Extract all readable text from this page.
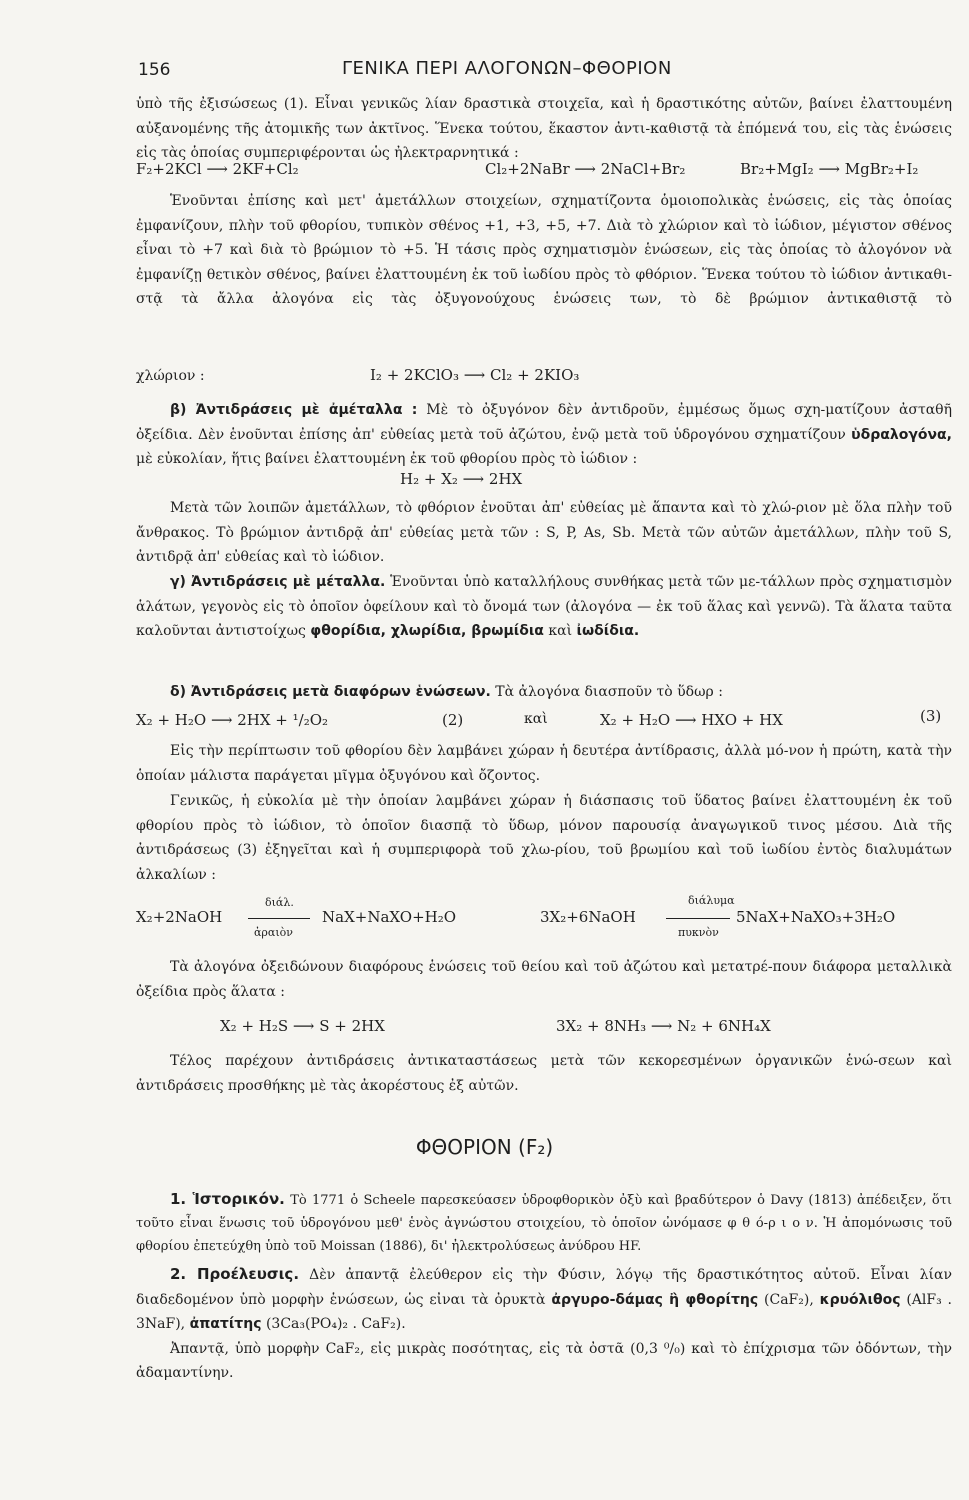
156	ΓΕΝΙΚΑ ΠΕΡΙ ΑΛΟΓΟΝΩΝ–ΦΘΟΡΙΟΝ

ὑπὸ τῆς ἐξισώσεως (1). Εἶναι γενικῶς λίαν δραστικὰ στοιχεῖα, καὶ ἡ δραστικότης αὐτῶν, βαίνει ἐλαττουμένη αὐξανομένης τῆς ἀτομικῆς των ἀκτῖνος. Ἕνεκα τούτου, ἕκαστον ἀντι-καθιστᾷ τὰ ἑπόμενά του, εἰς τὰς ἑνώσεις εἰς τὰς ὁποίας συμπεριφέρονται ὡς ἠλεκτραρνητικά :

F₂+2KCl ⟶ 2KF+Cl₂	Cl₂+2NaBr ⟶ 2NaCl+Br₂	Br₂+MgI₂ ⟶ MgBr₂+I₂

Ἑνοῦνται ἐπίσης καὶ μετ' ἀμετάλλων στοιχείων, σχηματίζοντα ὁμοιοπολικὰς ἑνώσεις, εἰς τὰς ὁποίας ἐμφανίζουν, πλὴν τοῦ φθορίου, τυπικὸν σθένος +1, +3, +5, +7. Διὰ τὸ χλώριον καὶ τὸ ἰώδιον, μέγιστον σθένος εἶναι τὸ +7 καὶ διὰ τὸ βρώμιον τὸ +5. Ἡ τάσις πρὸς σχηματισμὸν ἑνώσεων, εἰς τὰς ὁποίας τὸ ἀλογόνον νὰ ἐμφανίζῃ θετικὸν σθένος, βαίνει ἐλαττουμένη ἐκ τοῦ ἰωδίου πρὸς τὸ φθόριον. Ἕνεκα τούτου τὸ ἰώδιον ἀντικαθι-στᾷ τὰ ἄλλα ἀλογόνα εἰς τὰς ὀξυγονούχους ἑνώσεις των, τὸ δὲ βρώμιον ἀντικαθιστᾷ τὸ

χλώριον :	I₂ + 2KClO₃ ⟶ Cl₂ + 2KIO₃

β) Ἀντιδράσεις μὲ ἀμέταλλα : Μὲ τὸ ὀξυγόνον δὲν ἀντιδροῦν, ἐμμέσως ὅμως σχη-ματίζουν ἀσταθῆ ὀξείδια. Δὲν ἑνοῦνται ἐπίσης ἀπ' εὐθείας μετὰ τοῦ ἀζώτου, ἐνῷ μετὰ τοῦ ὑδρογόνου σχηματίζουν ὑδραλογόνα, μὲ εὐκολίαν, ἥτις βαίνει ἐλαττουμένη ἐκ τοῦ φθορίου πρὸς τὸ ἰώδιον :

H₂ + X₂ ⟶ 2HX

Μετὰ τῶν λοιπῶν ἀμετάλλων, τὸ φθόριον ἑνοῦται ἀπ' εὐθείας μὲ ἅπαντα καὶ τὸ χλώ-ριον μὲ ὅλα πλὴν τοῦ ἄνθρακος. Τὸ βρώμιον ἀντιδρᾷ ἀπ' εὐθείας μετὰ τῶν : S, P, As, Sb. Μετὰ τῶν αὐτῶν ἀμετάλλων, πλὴν τοῦ S, ἀντιδρᾷ ἀπ' εὐθείας καὶ τὸ ἰώδιον.

γ) Ἀντιδράσεις μὲ μέταλλα. Ἑνοῦνται ὑπὸ καταλλήλους συνθήκας μετὰ τῶν με-τάλλων πρὸς σχηματισμὸν ἁλάτων, γεγονὸς εἰς τὸ ὁποῖον ὀφείλουν καὶ τὸ ὄνομά των (ἀλογόνα — ἐκ τοῦ ἅλας καὶ γεννῶ). Τὰ ἅλατα ταῦτα καλοῦνται ἀντιστοίχως φθορίδια, χλωρίδια, βρωμίδια καὶ ἰωδίδια.

δ) Ἀντιδράσεις μετὰ διαφόρων ἑνώσεων. Τὰ ἀλογόνα διασποῦν τὸ ὕδωρ :

X₂ + H₂O ⟶ 2HX + ¹/₂O₂	(2)	καὶ	X₂ + H₂O ⟶ HXO + HX	(3)

Εἰς τὴν περίπτωσιν τοῦ φθορίου δὲν λαμβάνει χώραν ἡ δευτέρα ἀντίδρασις, ἀλλὰ μό-νον ἡ πρώτη, κατὰ τὴν ὁποίαν μάλιστα παράγεται μῖγμα ὀξυγόνου καὶ ὄζοντος.

Γενικῶς, ἡ εὐκολία μὲ τὴν ὁποίαν λαμβάνει χώραν ἡ διάσπασις τοῦ ὕδατος βαίνει ἐλαττουμένη ἐκ τοῦ φθορίου πρὸς τὸ ἰώδιον, τὸ ὁποῖον διασπᾷ τὸ ὕδωρ, μόνον παρουσίᾳ ἀναγωγικοῦ τινος μέσου. Διὰ τῆς ἀντιδράσεως (3) ἐξηγεῖται καὶ ἡ συμπεριφορὰ τοῦ χλω-ρίου, τοῦ βρωμίου καὶ τοῦ ἰωδίου ἐντὸς διαλυμάτων ἀλκαλίων :

X₂+2NaOH
διάλ.
ἀραιὸν
NaX+NaXO+H₂O	3X₂+6NaOH
διάλυμα
πυκνὸν
5NaX+NaXO₃+3H₂O

Τὰ ἀλογόνα ὀξειδώνουν διαφόρους ἑνώσεις τοῦ θείου καὶ τοῦ ἀζώτου καὶ μετατρέ-πουν διάφορα μεταλλικὰ ὀξείδια πρὸς ἅλατα :

X₂ + H₂S ⟶ S + 2HX	3X₂ + 8NH₃ ⟶ N₂ + 6NH₄X

Τέλος παρέχουν ἀντιδράσεις ἀντικαταστάσεως μετὰ τῶν κεκορεσμένων ὀργανικῶν ἑνώ-σεων καὶ ἀντιδράσεις προσθήκης μὲ τὰς ἀκορέστους ἐξ αὐτῶν.

ΦΘΟΡΙΟΝ (F₂)

1. Ἱστορικόν. Τὸ 1771 ὁ Scheele παρεσκεύασεν ὑδροφθορικὸν ὀξὺ καὶ βραδύτερον ὁ Davy (1813) ἀπέδειξεν, ὅτι τοῦτο εἶναι ἕνωσις τοῦ ὑδρογόνου μεθ' ἑνὸς ἀγνώστου στοιχείου, τὸ ὁποῖον ὠνόμασε φ θ ό-ρ ι ο ν. Ἡ ἀπομόνωσις τοῦ φθορίου ἐπετεύχθη ὑπὸ τοῦ Moissan (1886), δι' ἠλεκτρολύσεως ἀνύδρου HF.

2. Προέλευσις. Δὲν ἀπαντᾷ ἐλεύθερον εἰς τὴν Φύσιν, λόγῳ τῆς δραστικότητος αὐτοῦ. Εἶναι λίαν διαδεδομένον ὑπὸ μορφὴν ἑνώσεων, ὡς εἰναι τὰ ὀρυκτὰ ἀργυρο-δάμας ἢ φθορίτης (CaF₂), κρυόλιθος (AlF₃ . 3NaF), ἀπατίτης (3Ca₃(PO₄)₂ . CaF₂).

Ἀπαντᾷ, ὑπὸ μορφὴν CaF₂, εἰς μικρὰς ποσότητας, εἰς τὰ ὀστᾶ (0,3 ⁰/₀) καὶ τὸ ἐπίχρισμα τῶν ὀδόντων, τὴν ἀδαμαντίνην.
